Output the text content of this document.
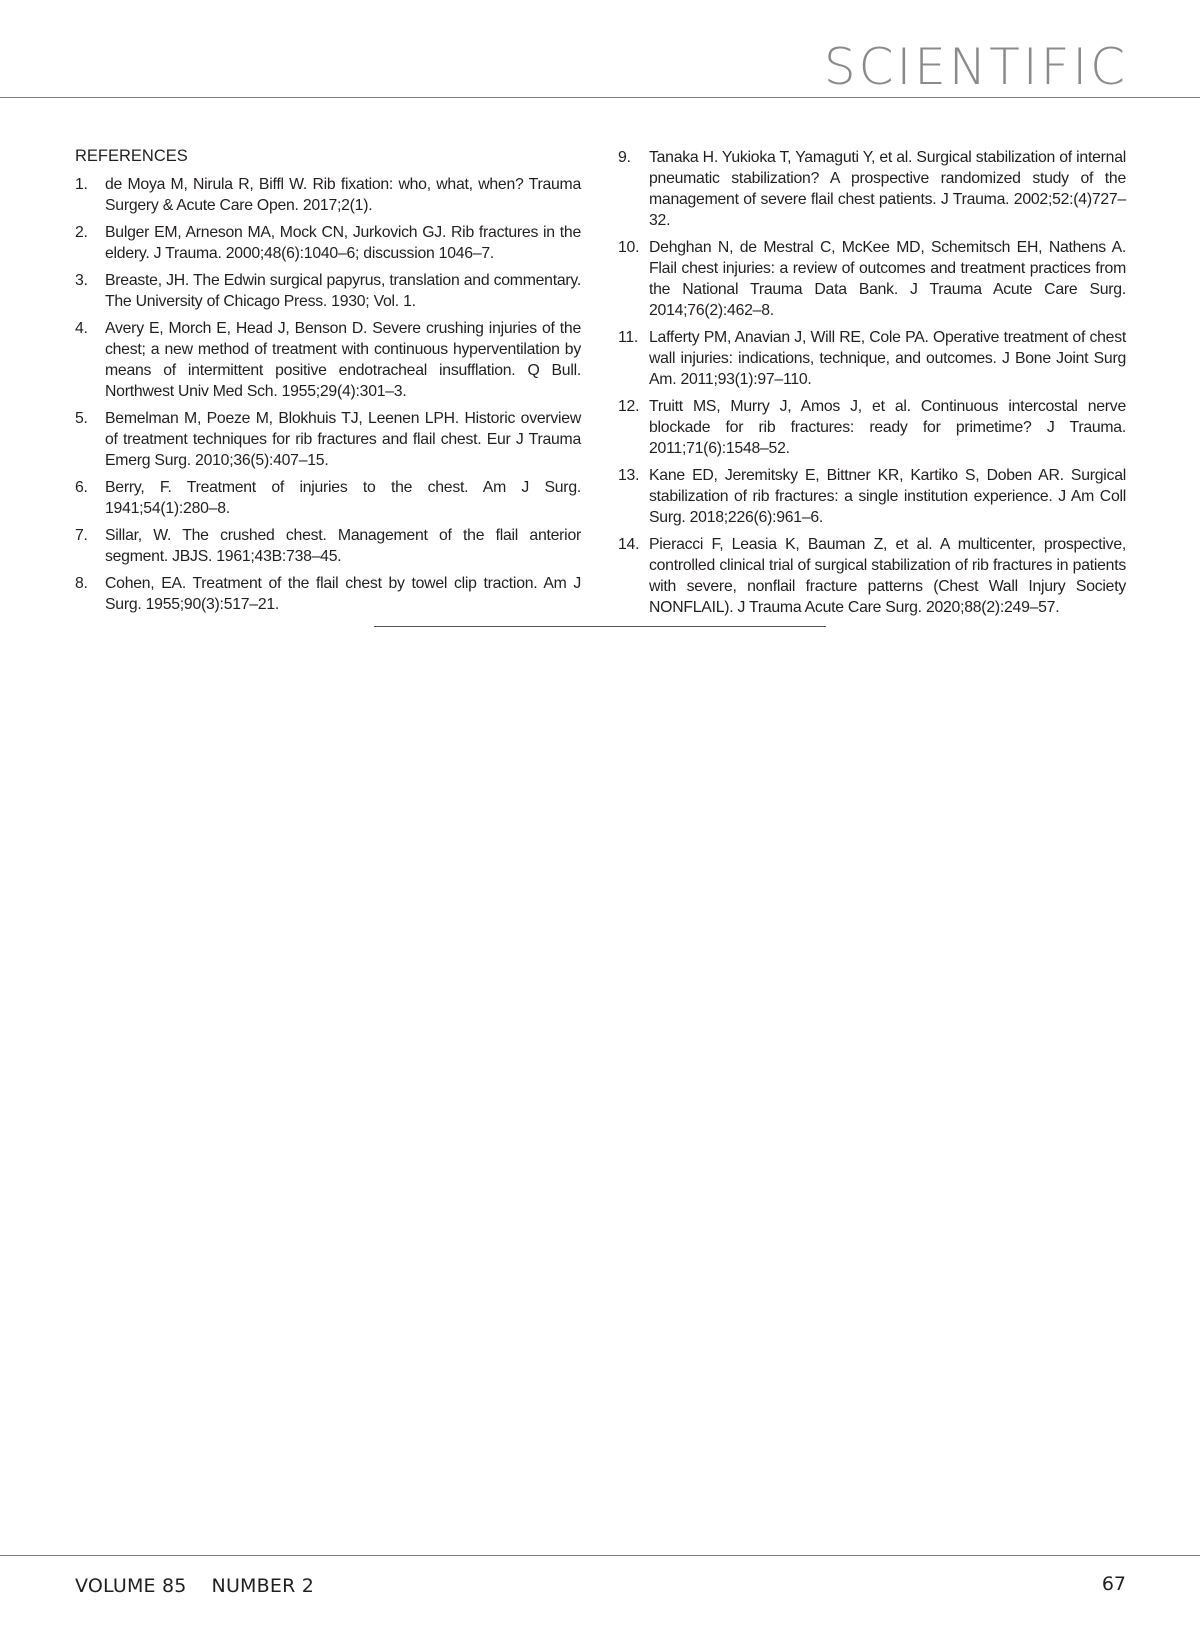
SCIENTIFIC
REFERENCES
1.	de Moya M, Nirula R, Biffl W. Rib fixation: who, what, when? Trauma Surgery & Acute Care Open. 2017;2(1).
2.	Bulger EM, Arneson MA, Mock CN, Jurkovich GJ. Rib fractures in the eldery. J Trauma. 2000;48(6):1040–6; discussion 1046–7.
3.	Breaste, JH. The Edwin surgical papyrus, translation and commentary. The University of Chicago Press. 1930; Vol. 1.
4.	Avery E, Morch E, Head J, Benson D. Severe crushing injuries of the chest; a new method of treatment with continuous hyperventilation by means of intermittent positive endotracheal insufflation. Q Bull. Northwest Univ Med Sch. 1955;29(4):301–3.
5.	Bemelman M, Poeze M, Blokhuis TJ, Leenen LPH. Historic overview of treatment techniques for rib fractures and flail chest. Eur J Trauma Emerg Surg. 2010;36(5):407–15.
6.	Berry, F. Treatment of injuries to the chest. Am J Surg. 1941;54(1):280–8.
7.	Sillar, W. The crushed chest. Management of the flail anterior segment. JBJS. 1961;43B:738–45.
8.	Cohen, EA. Treatment of the flail chest by towel clip traction. Am J Surg. 1955;90(3):517–21.
9.	Tanaka H. Yukioka T, Yamaguti Y, et al. Surgical stabilization of internal pneumatic stabilization? A prospective randomized study of the management of severe flail chest patients. J Trauma. 2002;52:(4)727–32.
10. Dehghan N, de Mestral C, McKee MD, Schemitsch EH, Nathens A. Flail chest injuries: a review of outcomes and treatment practices from the National Trauma Data Bank. J Trauma Acute Care Surg. 2014;76(2):462–8.
11. Lafferty PM, Anavian J, Will RE, Cole PA. Operative treatment of chest wall injuries: indications, technique, and outcomes. J Bone Joint Surg Am. 2011;93(1):97–110.
12. Truitt MS, Murry J, Amos J, et al. Continuous intercostal nerve blockade for rib fractures: ready for primetime? J Trauma. 2011;71(6):1548–52.
13. Kane ED, Jeremitsky E, Bittner KR, Kartiko S, Doben AR. Surgical stabilization of rib fractures: a single institution experience. J Am Coll Surg. 2018;226(6):961–6.
14. Pieracci F, Leasia K, Bauman Z, et al. A multicenter, prospective, controlled clinical trial of surgical stabilization of rib fractures in patients with severe, nonflail fracture patterns (Chest Wall Injury Society NONFLAIL). J Trauma Acute Care Surg. 2020;88(2):249–57.
VOLUME 85    NUMBER 2	67
